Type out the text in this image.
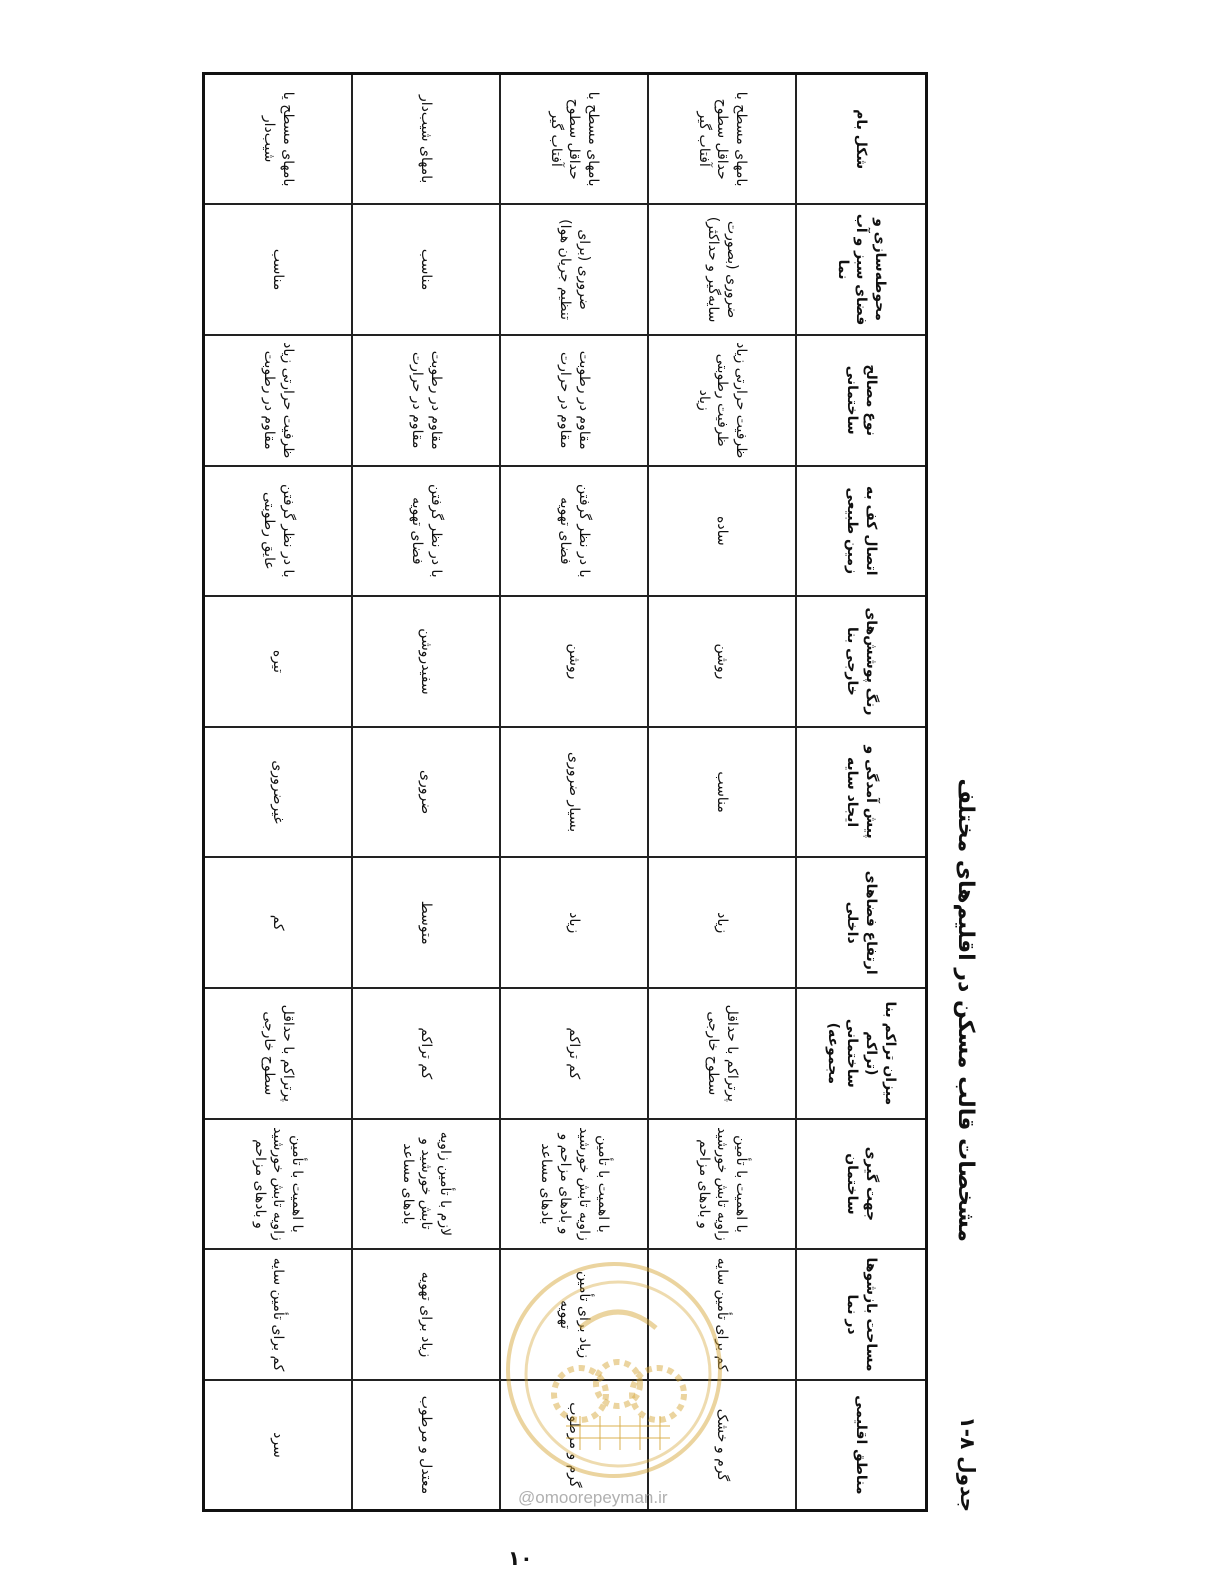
جدول ۸-۱
مشخصات قالب مسکن در اقلیم‌های مختلف
مناطق اقلیمی	مساحت بازشوها در نما	جهت گیری ساختمان	میزان تراکم بنا (تراکم ساختمانی مجموعه)	ارتفاع فضاهای داخلی	پیش آمدگی و ایجاد سایه	رنگ پوشش‌های خارجی بنا	اتصال کف به زمین طبیعی	نوع مصالح ساختمانی	محوطه‌سازی و فضای سبز و آب نما	شکل بام
گرم و خشک	کم برای تأمین سایه	با اهمیت با تأمین زاویه تابش خورشید و بادهای مزاحم	پرتراکم با حداقل سطوح خارجی	زیاد	مناسب	روشن	ساده	ظرفیت حرارتی زیاد ظرفیت رطوبتی زیاد	ضروری (بصورت سایه‌گیر و حداکثر)	بامهای مسطح با حداقل سطوح آفتاب گیر
گرم و مرطوب	زیاد برای تأمین تهویه	با اهمیت با تأمین زاویه تابش خورشید و بادهای مزاحم و بادهای مساعد	کم تراکم	زیاد	بسیار ضروری	روشن	با در نظر گرفتن فضای تهویه	مقاوم در رطوبت مقاوم در حرارت	ضروری (برای تنظیم جریان هوا)	بامهای مسطح با حداقل سطوح آفتاب گیر
معتدل و مرطوب	زیاد برای تهویه	لازم با تأمین زاویه تابش خورشید و بادهای مساعد	کم تراکم	متوسط	ضروری	سفیدروشن	با در نظر گرفتن فضای تهویه	مقاوم در رطوبت مقاوم در حرارت	مناسب	بامهای شیب‌دار
سرد	کم برای تأمین سایه	با اهمیت با تأمین زاویه تابش خورشید و بادهای مزاحم	پرتراکم با حداقل سطوح خارجی	کم	غیرضروری	تیره	با در نظر گرفتن عایق رطوبتی	ظرفیت حرارتی زیاد مقاوم در رطوبت	مناسب	بامهای مسطح یا شیب‌دار
@omoorepeyman.ir
۱۰
